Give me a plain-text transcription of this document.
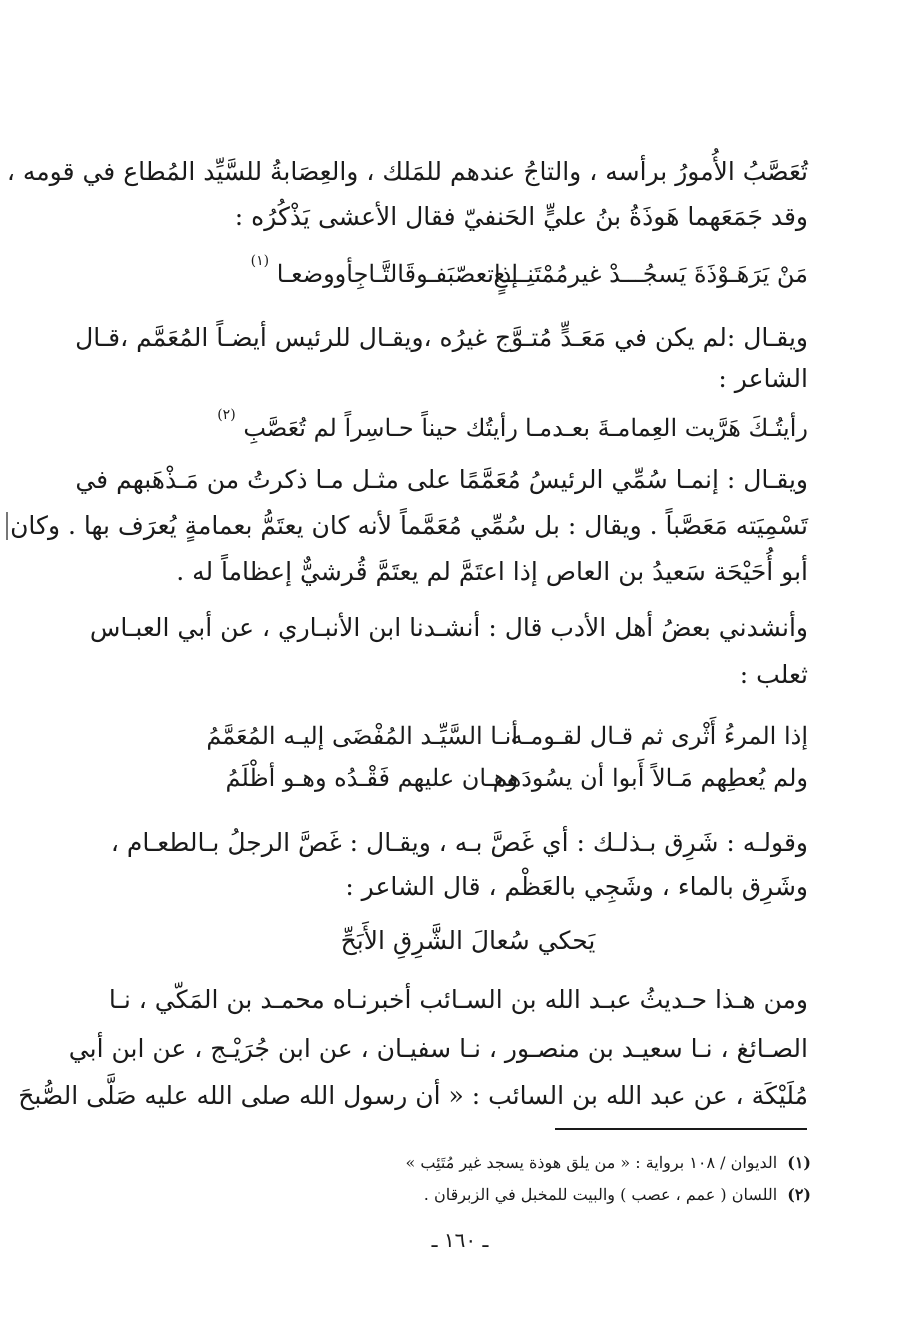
تُعَصَّبُ الأُمورُ برأسه ، والتاجُ عندهم للمَلك ، والعِصَابةُ للسَّيِّد المُطاع في قومه ،
وقد جَمَعَهما هَوذَةُ بنُ عليٍّ الحَنفيّ فقال الأعشى يَذْكُرُه :
مَنْ يَرَهَـوْذَةَ يَسجُـــدْ غيرمُمْتَنِـــعٍ
إذاتعصّبَفـوقَالتَّـاجِأووضعـا $^{(١)}$
ويقـال :لم يكن في مَعَـدٍّ مُتـوَّج غيرُه ،ويقـال للرئيس أيضـاً المُعَمَّم ،قـال
الشاعر :
رأيتُـكَ هَرَّيت العِمامـةَ بعـدمـا
رأيتُك حيناً حـاسِراً لم تُعَصَّبِ $^{(٢)}$
ويقـال : إنمـا سُمِّي الرئيسُ مُعَمَّمًا على مثـل مـا ذكرتُ من مَـذْهَبهم في
تَسْمِيَته مَعَصَّباً . ويقال : بل سُمِّي مُعَمَّماً لأنه كان يعتَمُّ بعمامةٍ يُعرَف بها . وكان
أبو أُحَيْحَة سَعيدُ بن العاص إذا اعتَمَّ لم يعتَمَّ قُرشيٌّ إعظاماً له .
وأنشدني بعضُ أهل الأدب قال : أنشـدنا ابن الأنبـاري ، عن أبي العبـاس
ثعلب :
إذا المرءُ أَثْرى ثم قـال لقـومـه
أنـا السَّيِّـد المُفْضَى إليـه المُعَمَّمُ
ولم يُعطِهم مَـالاً أَبوا أن يسُودَهم
وهـان عليهم فَقْـدُه وهـو أظْلَمُ
وقولـه : شَرِق بـذلـك : أي غَصَّ بـه ، ويقـال : غَصَّ الرجلُ بـالطعـام ،
وشَرِق بالماء ، وشَجِي بالعَظْم ، قال الشاعر :
يَحكي سُعالَ الشَّرِقِ الأَبَحِّ
ومن هـذا حـديثُ عبـد الله بن السـائب أخبرنـاه محمـد بن المَكّي ، نـا
الصـائغ ، نـا سعيـد بن منصـور ، نـا سفيـان ، عن ابن جُرَيْـج ، عن ابن أبي
مُلَيْكَة ، عن عبد الله بن السائب : « أن رسول الله صلى الله عليه صَلَّى الصُّبحَ
(١)الديوان / ١٠٨ برواية : « من يلق هوذة يسجد غير مُتَئِب »
(٢)اللسان ( عمم ، عصب ) والبيت للمخبل في الزبرقان .
ـ ١٦٠ ـ
